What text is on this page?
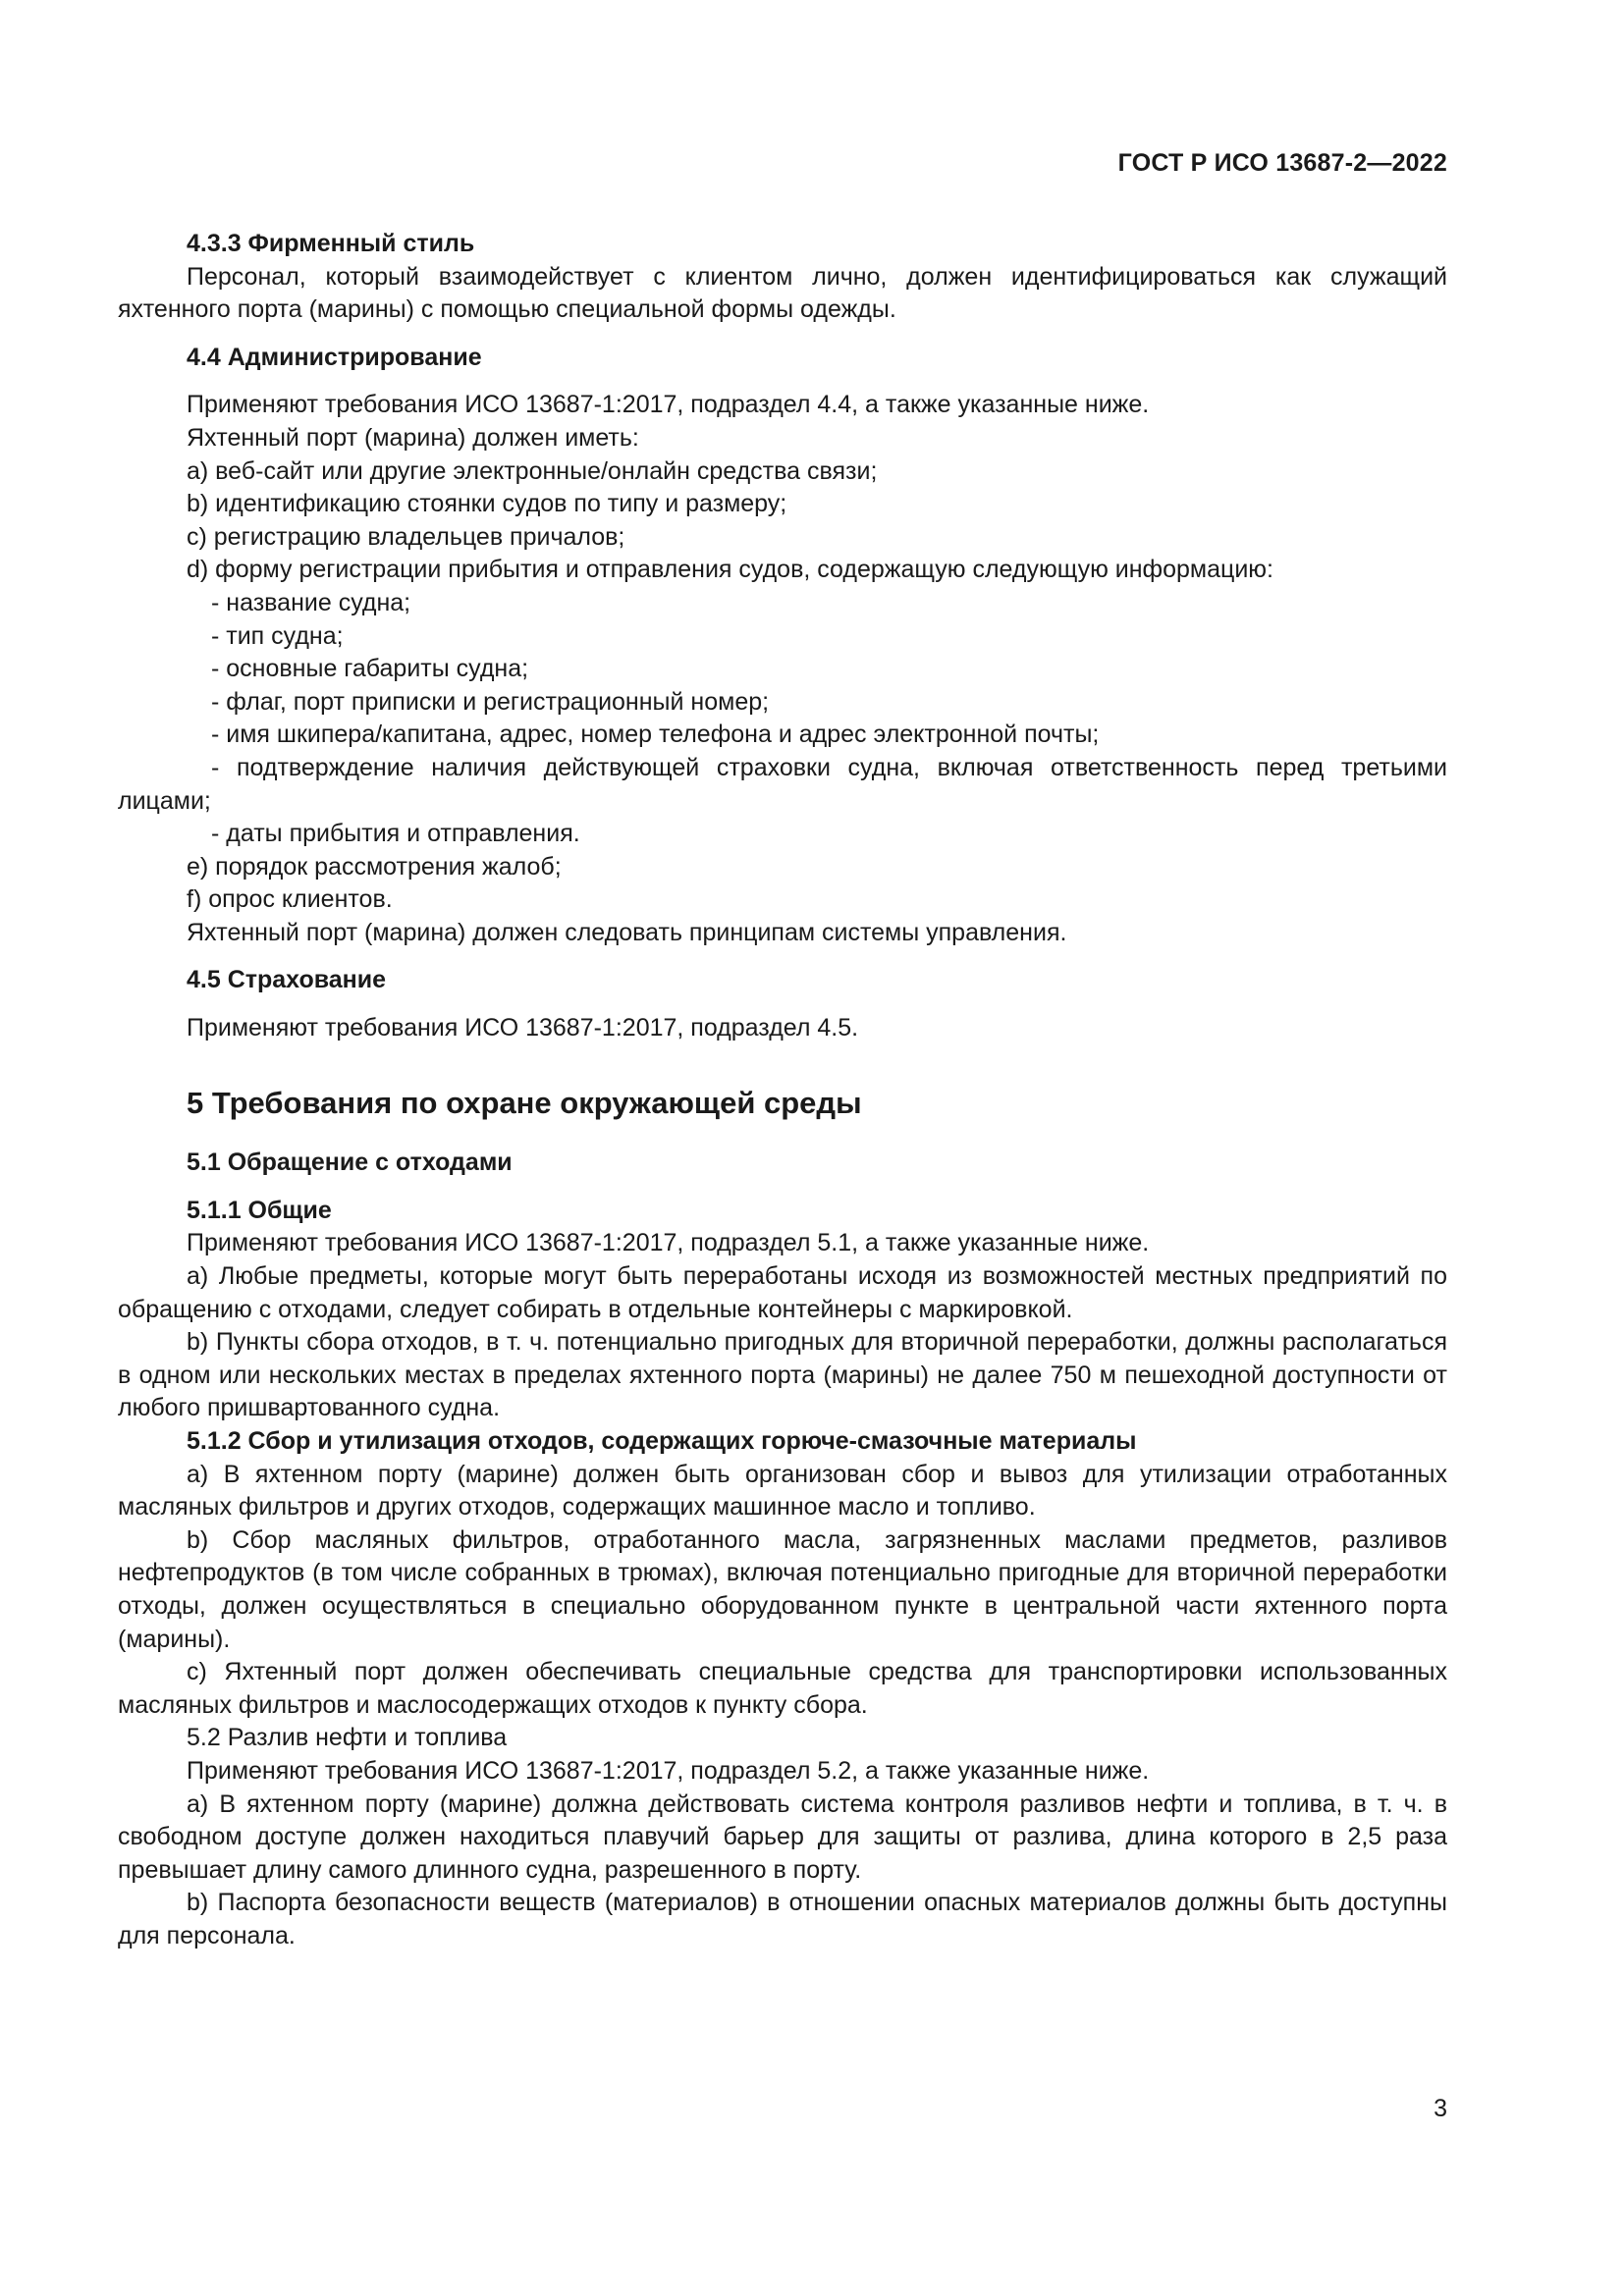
ГОСТ Р ИСО 13687-2—2022
4.3.3 Фирменный стиль
Персонал, который взаимодействует с клиентом лично, должен идентифицироваться как служащий яхтенного порта (марины) с помощью специальной формы одежды.
4.4 Администрирование
Применяют требования ИСО 13687-1:2017, подраздел 4.4, а также указанные ниже.
Яхтенный порт (марина) должен иметь:
a) веб-сайт или другие электронные/онлайн средства связи;
b) идентификацию стоянки судов по типу и размеру;
c) регистрацию владельцев причалов;
d) форму регистрации прибытия и отправления судов, содержащую следующую информацию:
- название судна;
- тип судна;
- основные габариты судна;
- флаг, порт приписки и регистрационный номер;
- имя шкипера/капитана, адрес, номер телефона и адрес электронной почты;
- подтверждение наличия действующей страховки судна, включая ответственность перед третьими лицами;
- даты прибытия и отправления.
e) порядок рассмотрения жалоб;
f) опрос клиентов.
Яхтенный порт (марина) должен следовать принципам системы управления.
4.5 Страхование
Применяют требования ИСО 13687-1:2017, подраздел 4.5.
5 Требования по охране окружающей среды
5.1 Обращение с отходами
5.1.1 Общие
Применяют требования ИСО 13687-1:2017, подраздел 5.1, а также указанные ниже.
a) Любые предметы, которые могут быть переработаны исходя из возможностей местных предприятий по обращению с отходами, следует собирать в отдельные контейнеры с маркировкой.
b) Пункты сбора отходов, в т. ч. потенциально пригодных для вторичной переработки, должны располагаться в одном или нескольких местах в пределах яхтенного порта (марины) не далее 750 м пешеходной доступности от любого пришвартованного судна.
5.1.2 Сбор и утилизация отходов, содержащих горюче-смазочные материалы
a) В яхтенном порту (марине) должен быть организован сбор и вывоз для утилизации отработанных масляных фильтров и других отходов, содержащих машинное масло и топливо.
b) Сбор масляных фильтров, отработанного масла, загрязненных маслами предметов, разливов нефтепродуктов (в том числе собранных в трюмах), включая потенциально пригодные для вторичной переработки отходы, должен осуществляться в специально оборудованном пункте в центральной части яхтенного порта (марины).
c) Яхтенный порт должен обеспечивать специальные средства для транспортировки использованных масляных фильтров и маслосодержащих отходов к пункту сбора.
5.2 Разлив нефти и топлива
Применяют требования ИСО 13687-1:2017, подраздел 5.2, а также указанные ниже.
a) В яхтенном порту (марине) должна действовать система контроля разливов нефти и топлива, в т. ч. в свободном доступе должен находиться плавучий барьер для защиты от разлива, длина которого в 2,5 раза превышает длину самого длинного судна, разрешенного в порту.
b) Паспорта безопасности веществ (материалов) в отношении опасных материалов должны быть доступны для персонала.
3
